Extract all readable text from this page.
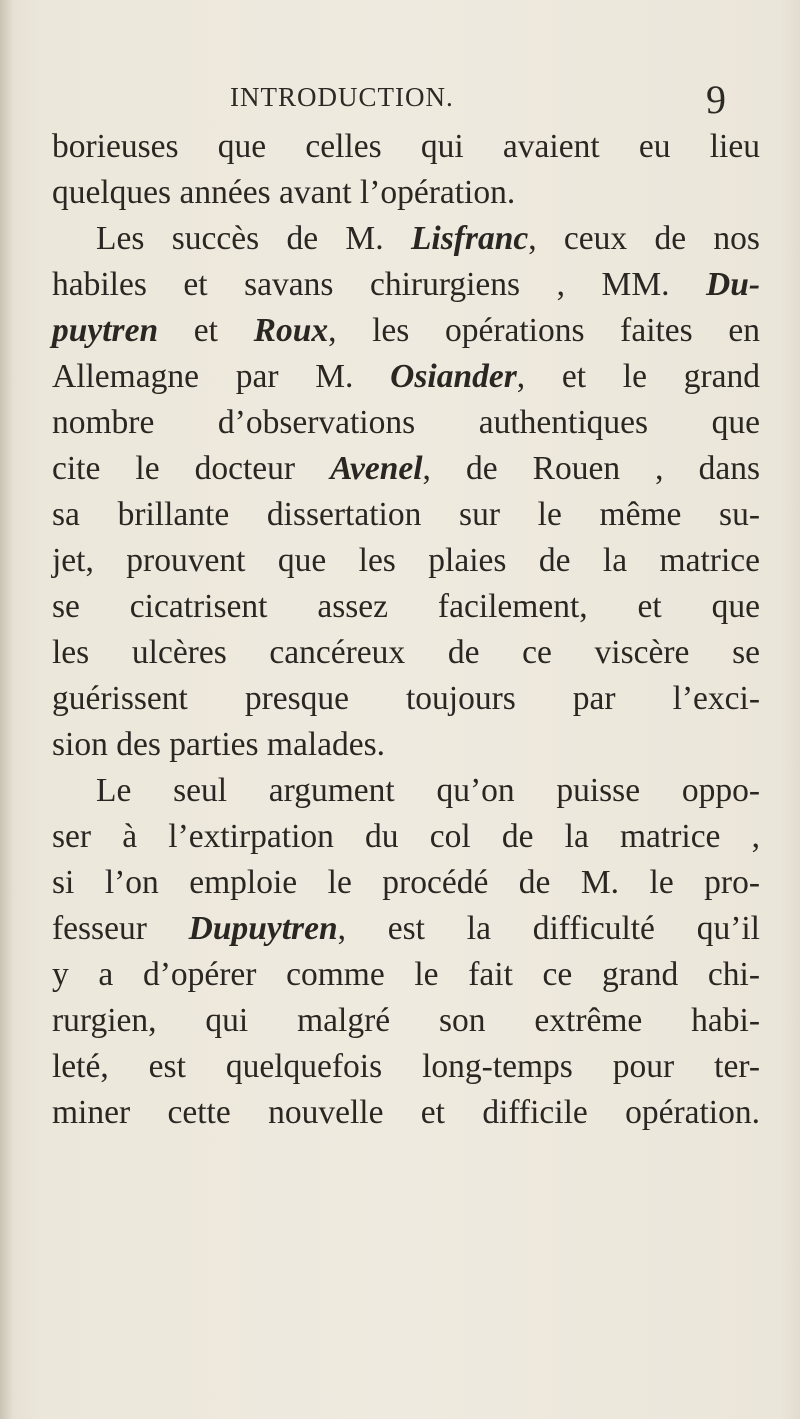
INTRODUCTION.	9
borieuses que celles qui avaient eu lieu
quelques années avant l’opération.
Les succès de M. Lisfranc, ceux de nos
habiles et savans chirurgiens , MM. Du-
puytren et Roux, les opérations faites en
Allemagne par M. Osiander, et le grand
nombre d’observations authentiques que
cite le docteur Avenel, de Rouen , dans
sa brillante dissertation sur le même su-
jet, prouvent que les plaies de la matrice
se cicatrisent assez facilement, et que
les ulcères cancéreux de ce viscère se
guérissent presque toujours par l’exci-
sion des parties malades.
Le seul argument qu’on puisse oppo-
ser à l’extirpation du col de la matrice ,
si l’on emploie le procédé de M. le pro-
fesseur Dupuytren, est la difficulté qu’il
y a d’opérer comme le fait ce grand chi-
rurgien, qui malgré son extrême habi-
leté, est quelquefois long-temps pour ter-
miner cette nouvelle et difficile opération.
